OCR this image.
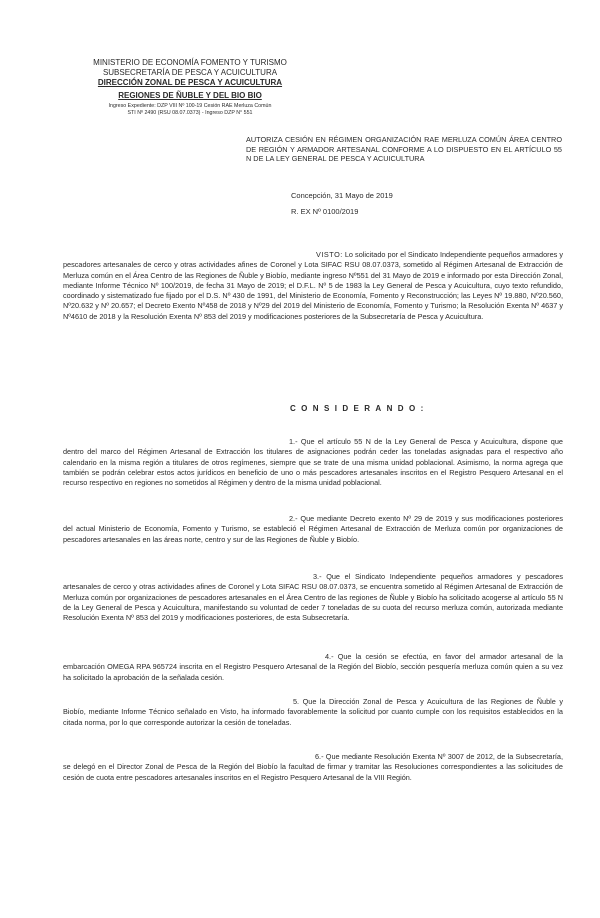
MINISTERIO DE ECONOMÍA FOMENTO Y TURISMO
SUBSECRETARÍA DE PESCA Y ACUICULTURA
DIRECCIÓN ZONAL DE PESCA Y ACUICULTURA
REGIONES DE ÑUBLE Y DEL BIO BIO
Ingreso Expediente: DZP VIII Nº 100-19 Cesión RAE Merluza Común
STI Nº 2490 (RSU 08.07.0373) - Ingreso DZP N° 551
AUTORIZA CESIÓN EN RÉGIMEN ORGANIZACIÓN RAE MERLUZA COMÚN ÁREA CENTRO DE REGIÓN Y ARMADOR ARTESANAL CONFORME A LO DISPUESTO EN EL ARTÍCULO 55 N DE LA LEY GENERAL DE PESCA Y ACUICULTURA
Concepción, 31 Mayo de 2019
R. EX Nº 0100/2019
VISTO: Lo solicitado por el Sindicato Independiente pequeños armadores y pescadores artesanales de cerco y otras actividades afines de Coronel y Lota SIFAC RSU 08.07.0373, sometido al Régimen Artesanal de Extracción de Merluza común en el Área Centro de las Regiones de Ñuble y Biobío, mediante ingreso Nº551 del 31 Mayo de 2019 e informado por esta Dirección Zonal, mediante Informe Técnico Nº 100/2019, de fecha 31 Mayo de 2019; el D.F.L. Nº 5 de 1983 la Ley General de Pesca y Acuicultura, cuyo texto refundido, coordinado y sistematizado fue fijado por el D.S. Nº 430 de 1991, del Ministerio de Economía, Fomento y Reconstrucción; las Leyes Nº 19.880, Nº20.560, Nº20.632 y Nº 20.657; el Decreto Exento Nº458 de 2018 y Nº29 del 2019 del Ministerio de Economía, Fomento y Turismo; la Resolución Exenta Nº 4637 y Nº4610 de 2018 y la Resolución Exenta Nº 853 del 2019 y modificaciones posteriores de la Subsecretaría de Pesca y Acuicultura.
CONSIDERANDO:
1.- Que el artículo 55 N de la Ley General de Pesca y Acuicultura, dispone que dentro del marco del Régimen Artesanal de Extracción los titulares de asignaciones podrán ceder las toneladas asignadas para el respectivo año calendario en la misma región a titulares de otros regímenes, siempre que se trate de una misma unidad poblacional. Asimismo, la norma agrega que también se podrán celebrar estos actos jurídicos en beneficio de uno o más pescadores artesanales inscritos en el Registro Pesquero Artesanal en el recurso respectivo en regiones no sometidos al Régimen y dentro de la misma unidad poblacional.
2.- Que mediante Decreto exento Nº 29 de 2019 y sus modificaciones posteriores del actual Ministerio de Economía, Fomento y Turismo, se estableció el Régimen Artesanal de Extracción de Merluza común por organizaciones de pescadores artesanales en las áreas norte, centro y sur de las Regiones de Ñuble y Biobío.
3.- Que el Sindicato Independiente pequeños armadores y pescadores artesanales de cerco y otras actividades afines de Coronel y Lota SIFAC RSU 08.07.0373, se encuentra sometido al Régimen Artesanal de Extracción de Merluza común por organizaciones de pescadores artesanales en el Área Centro de las regiones de Ñuble y Biobío ha solicitado acogerse al artículo 55 N de la Ley General de Pesca y Acuicultura, manifestando su voluntad de ceder 7 toneladas de su cuota del recurso merluza común, autorizada mediante Resolución Exenta Nº 853 del 2019 y modificaciones posteriores, de esta Subsecretaría.
4.- Que la cesión se efectúa, en favor del armador artesanal de la embarcación OMEGA RPA 965724 inscrita en el Registro Pesquero Artesanal de la Región del Biobío, sección pesquería merluza común quien a su vez ha solicitado la aprobación de la señalada cesión.
5. Que la Dirección Zonal de Pesca y Acuicultura de las Regiones de Ñuble y Biobío, mediante Informe Técnico señalado en Visto, ha informado favorablemente la solicitud por cuanto cumple con los requisitos establecidos en la citada norma, por lo que corresponde autorizar la cesión de toneladas.
6.- Que mediante Resolución Exenta Nº 3007 de 2012, de la Subsecretaría, se delegó en el Director Zonal de Pesca de la Región del Biobío la facultad de firmar y tramitar las Resoluciones correspondientes a las solicitudes de cesión de cuota entre pescadores artesanales inscritos en el Registro Pesquero Artesanal de la VIII Región.
